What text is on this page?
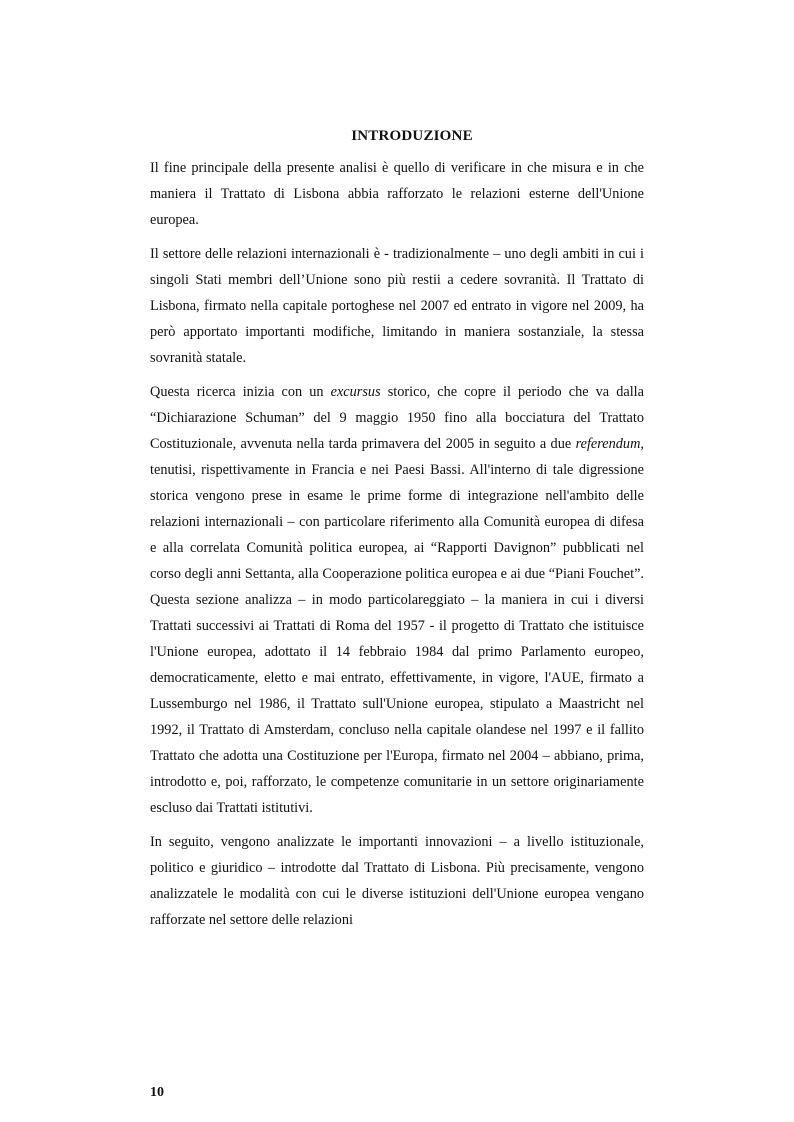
INTRODUZIONE

Il fine principale della presente analisi è quello di verificare in che misura e in che maniera il Trattato di Lisbona abbia rafforzato le relazioni esterne dell'Unione europea.

Il settore delle relazioni internazionali è - tradizionalmente – uno degli ambiti in cui i singoli Stati membri dell’Unione sono più restii a cedere sovranità. Il Trattato di Lisbona, firmato nella capitale portoghese nel 2007 ed entrato in vigore nel 2009, ha però apportato importanti modifiche, limitando in maniera sostanziale, la stessa sovranità statale.

Questa ricerca inizia con un excursus storico, che copre il periodo che va dalla “Dichiarazione Schuman” del 9 maggio 1950 fino alla bocciatura del Trattato Costituzionale, avvenuta nella tarda primavera del 2005 in seguito a due referendum, tenutisi, rispettivamente in Francia e nei Paesi Bassi. All'interno di tale digressione storica vengono prese in esame le prime forme di integrazione nell'ambito delle relazioni internazionali – con particolare riferimento alla Comunità europea di difesa e alla correlata Comunità politica europea, ai “Rapporti Davignon” pubblicati nel corso degli anni Settanta, alla Cooperazione politica europea e ai due “Piani Fouchet”. Questa sezione analizza – in modo particolareggiato – la maniera in cui i diversi Trattati successivi ai Trattati di Roma del 1957 - il progetto di Trattato che istituisce l'Unione europea, adottato il 14 febbraio 1984 dal primo Parlamento europeo, democraticamente, eletto e mai entrato, effettivamente, in vigore, l'AUE, firmato a Lussemburgo nel 1986, il Trattato sull'Unione europea, stipulato a Maastricht nel 1992, il Trattato di Amsterdam, concluso nella capitale olandese nel 1997 e il fallito Trattato che adotta una Costituzione per l'Europa, firmato nel 2004 – abbiano, prima, introdotto e, poi, rafforzato, le competenze comunitarie in un settore originariamente escluso dai Trattati istitutivi.

In seguito, vengono analizzate le importanti innovazioni – a livello istituzionale, politico e giuridico – introdotte dal Trattato di Lisbona. Più precisamente, vengono analizzatele le modalità con cui le diverse istituzioni dell'Unione europea vengano rafforzate nel settore delle relazioni

10
